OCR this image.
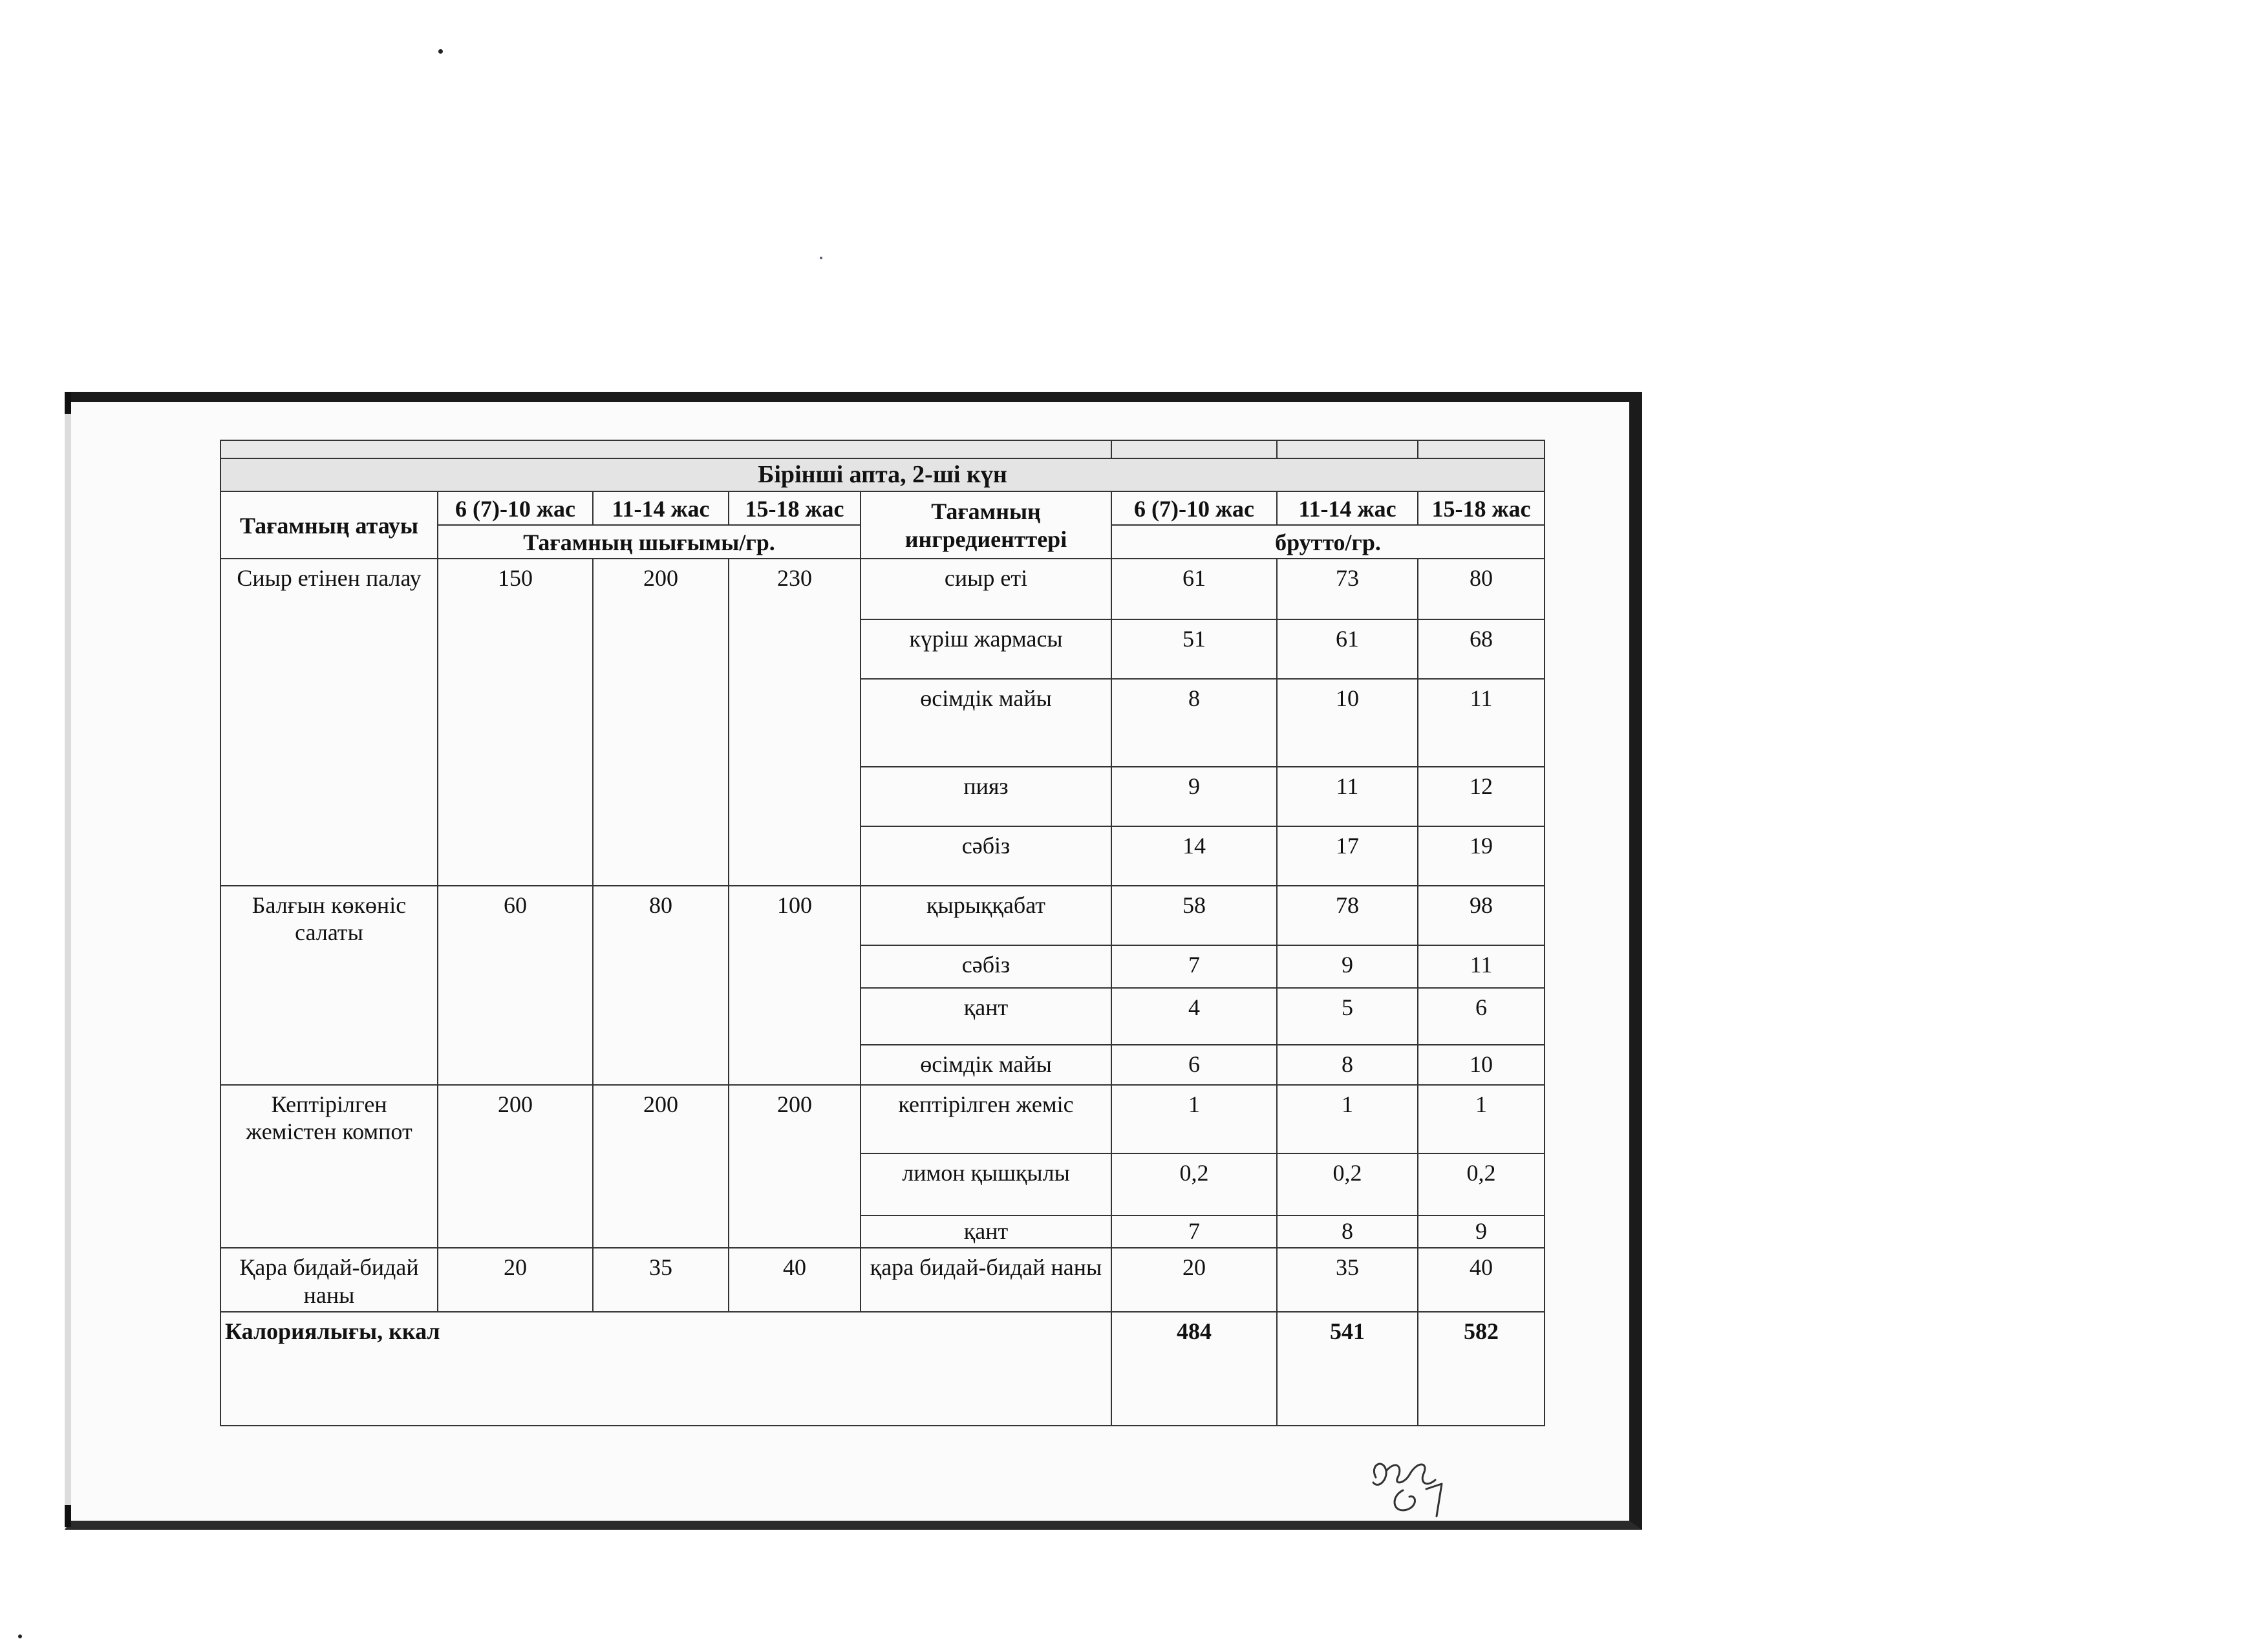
Бірінші апта, 2-ші күн							
Тағамның атауы	6 (7)-10 жас	11-14 жас	15-18 жас	Тағамның ингредиенттері	6 (7)-10 жас	11-14 жас	15-18 жас
	Тағамның шығымы/гр.				брутто/гр.		
Сиыр етінен палау	150	200	230	сиыр еті	61	73	80
				күріш жармасы	51	61	68
				өсімдік майы	8	10	11
				пияз	9	11	12
				сәбіз	14	17	19
Балғын көкөніс салаты	60	80	100	қырыққабат	58	78	98
				сәбіз	7	9	11
				қант	4	5	6
				өсімдік майы	6	8	10
Кептірілген жемістен компот	200	200	200	кептірілген жеміс	1	1	1
				лимон қышқылы	0,2	0,2	0,2
				қант	7	8	9
Қара бидай-бидай наны	20	35	40	қара бидай-бидай наны	20	35	40
Калориялығы, ккал					484	541	582
